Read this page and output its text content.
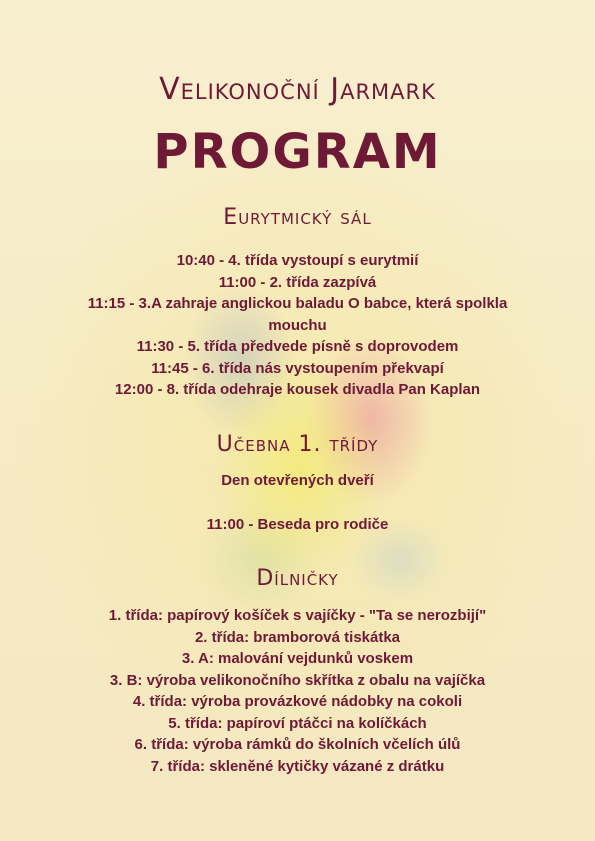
Velikonoční Jarmark
PROGRAM
Eurytmický sál
10:40 - 4. třída vystoupí s eurytmií
11:00 - 2. třída zazpívá
11:15 - 3.A zahraje anglickou baladu O babce, která spolkla
mouchu
11:30 - 5. třída předvede písně s doprovodem
11:45 - 6. třída nás vystoupením překvapí
12:00 - 8. třída odehraje kousek divadla Pan Kaplan
Učebna 1. třídy
Den otevřených dveří
11:00 - Beseda pro rodiče
Dílničky
1. třída: papírový košíček s vajíčky - "Ta se nerozbijí"
2. třída: bramborová tiskátka
3. A: malování vejdunků voskem
3. B: výroba velikonočního skřítka z obalu na vajíčka
4. třída: výroba provázkové nádobky na cokoli
5. třída: papíroví ptáčci na kolíčkách
6. třída: výroba rámků do školních včelích úlů
7. třída: skleněné kytičky vázané z drátku
